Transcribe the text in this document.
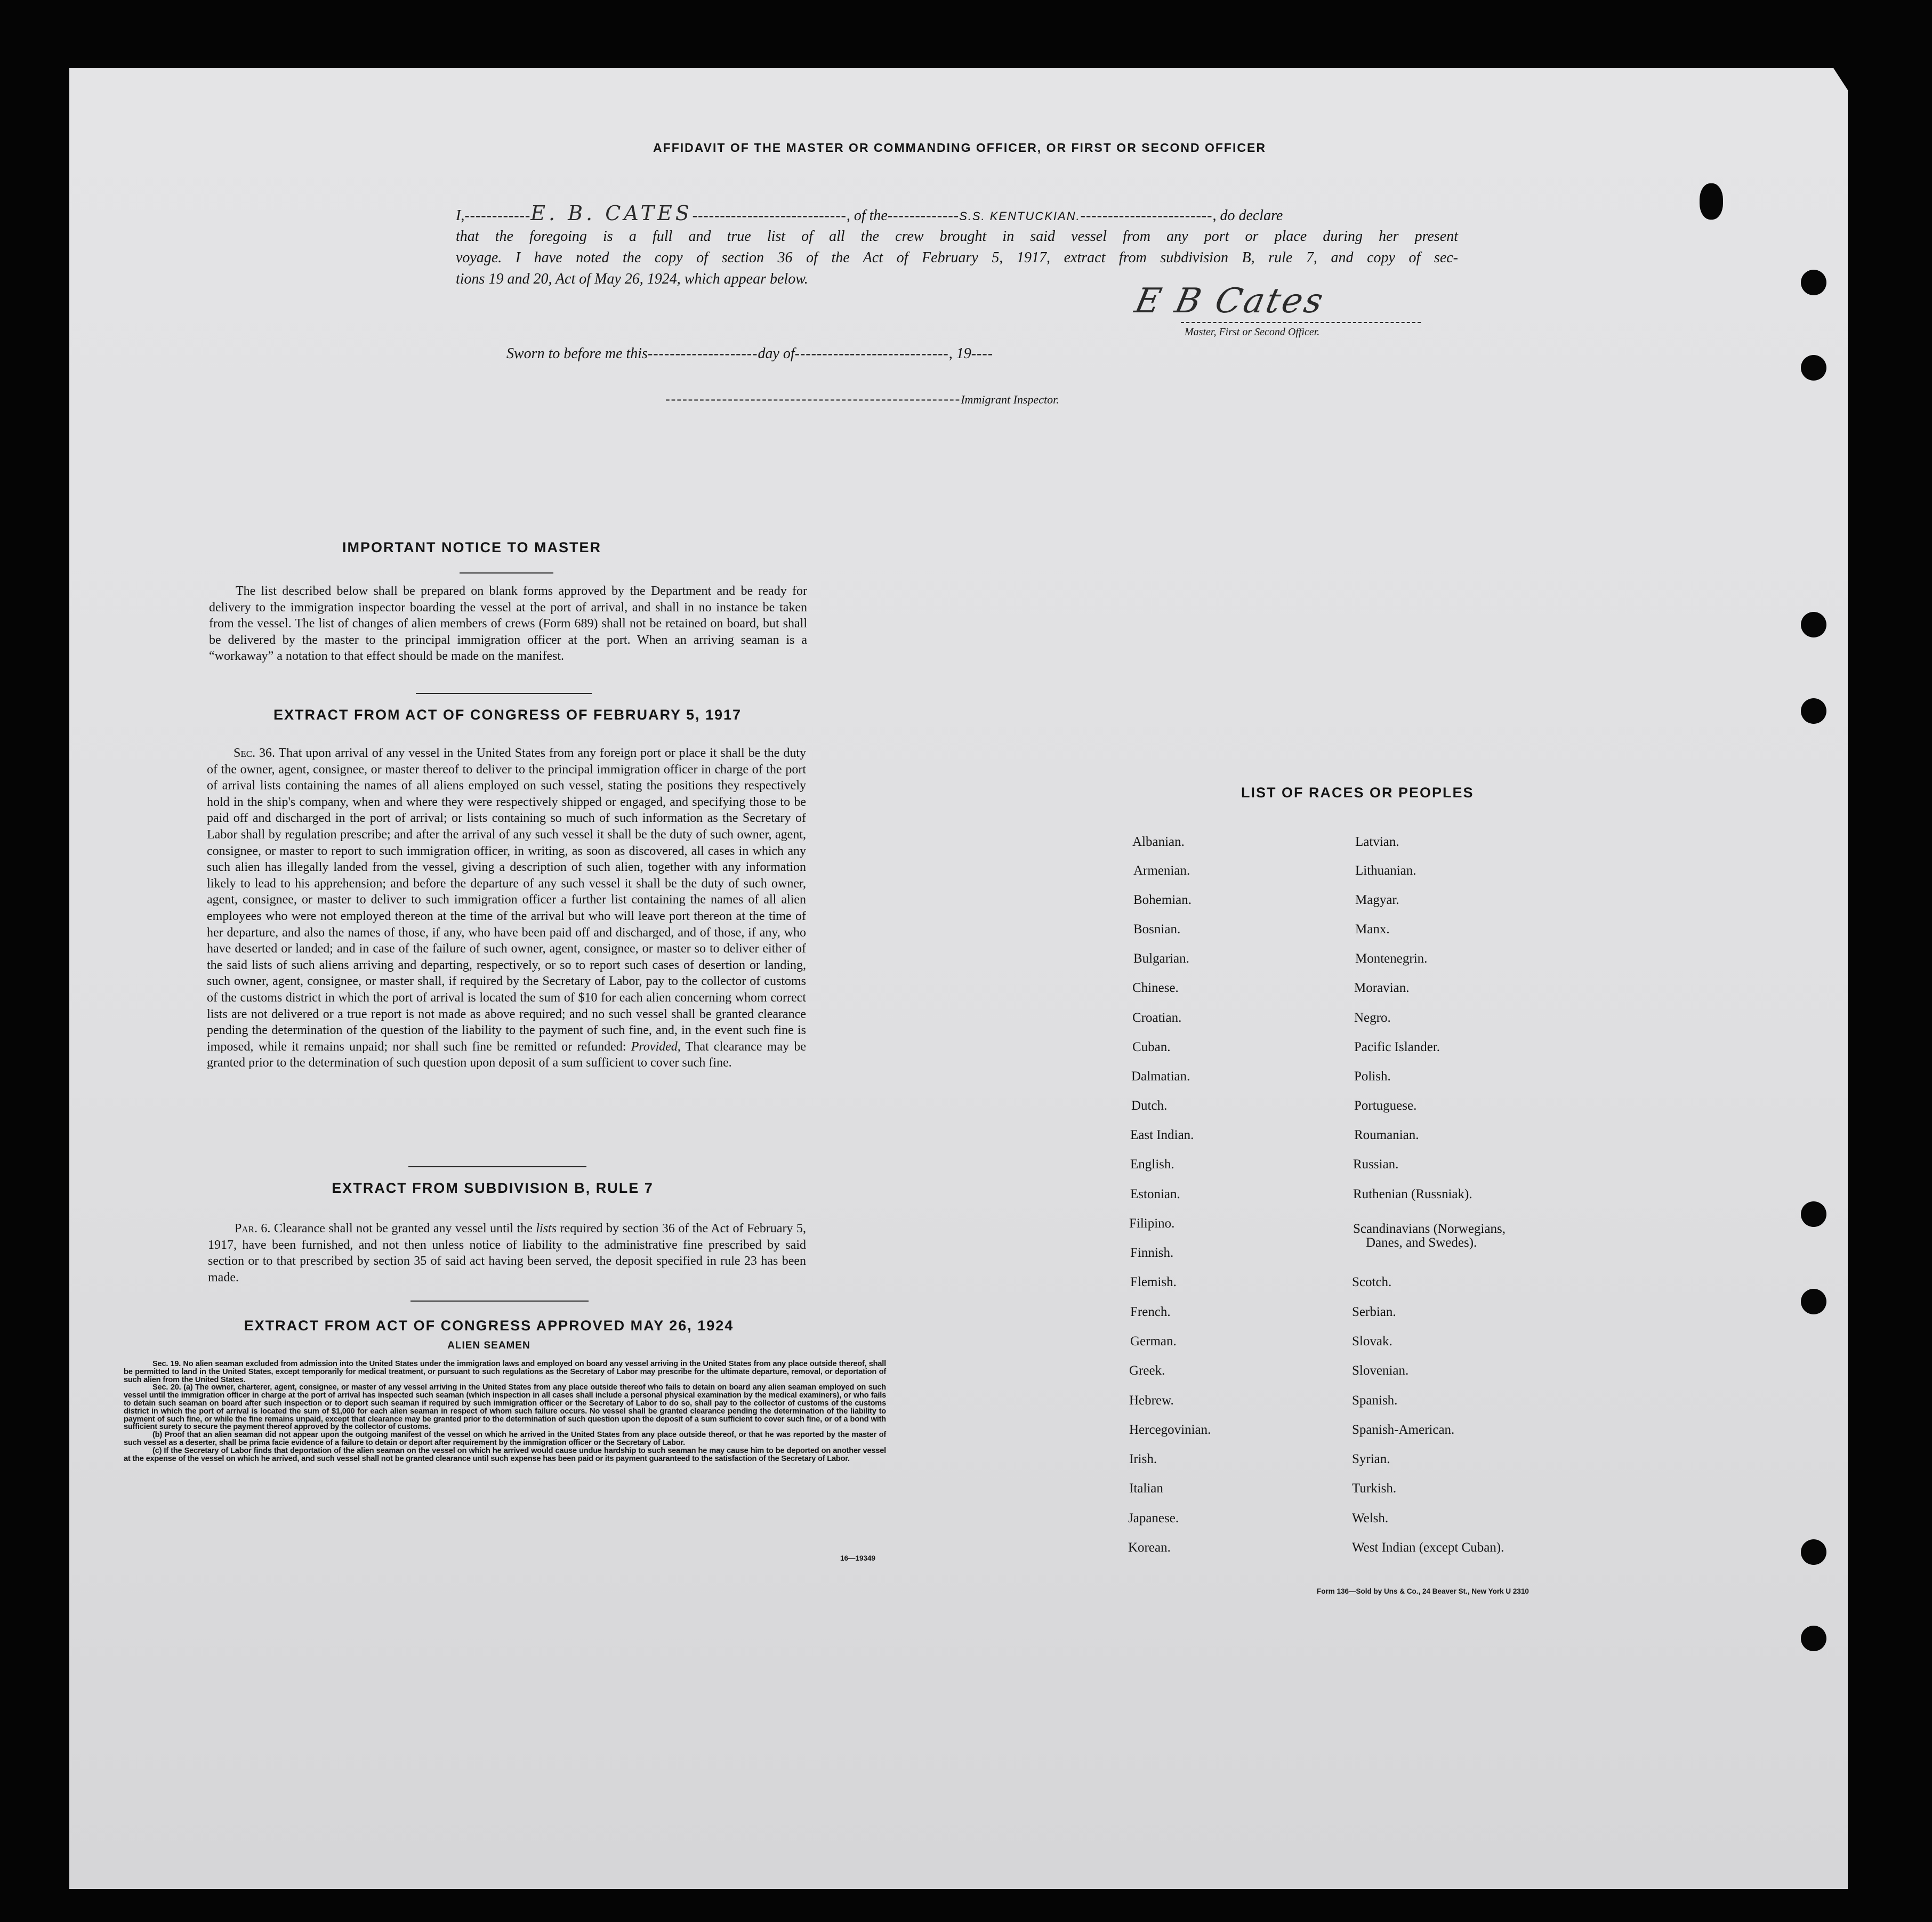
AFFIDAVIT OF THE MASTER OR COMMANDING OFFICER, OR FIRST OR SECOND OFFICER
I,------------E. B. CATES----------------------------, of the-------------S.S. KENTUCKIAN.------------------------, do declare
that the foregoing is a full and true list of all the crew brought in said vessel from any port or place during her present
voyage. I have noted the copy of section 36 of the Act of February 5, 1917, extract from subdivision B, rule 7, and copy of sec-
tions 19 and 20, Act of May 26, 1924, which appear below.
E B Cates
Master, First or Second Officer.
Sworn to before me this--------------------day of----------------------------, 19----
----------------------------------------------------Immigrant Inspector.
IMPORTANT NOTICE TO MASTER
The list described below shall be prepared on blank forms approved by the Department and be ready for delivery to the immigration inspector boarding the vessel at the port of arrival, and shall in no instance be taken from the vessel. The list of changes of alien members of crews (Form 689) shall not be retained on board, but shall be delivered by the master to the principal immigration officer at the port. When an arriving seaman is a “workaway” a notation to that effect should be made on the manifest.
EXTRACT FROM ACT OF CONGRESS OF FEBRUARY 5, 1917
Sec. 36. That upon arrival of any vessel in the United States from any foreign port or place it shall be the duty of the owner, agent, consignee, or master thereof to deliver to the principal immigration officer in charge of the port of arrival lists containing the names of all aliens employed on such vessel, stating the positions they respectively hold in the ship's company, when and where they were respectively shipped or engaged, and specifying those to be paid off and discharged in the port of arrival; or lists containing so much of such information as the Secretary of Labor shall by regulation prescribe; and after the arrival of any such vessel it shall be the duty of such owner, agent, consignee, or master to report to such immigration officer, in writing, as soon as discovered, all cases in which any such alien has illegally landed from the vessel, giving a description of such alien, together with any information likely to lead to his apprehension; and before the departure of any such vessel it shall be the duty of such owner, agent, consignee, or master to deliver to such immigration officer a further list containing the names of all alien employees who were not employed thereon at the time of the arrival but who will leave port thereon at the time of her departure, and also the names of those, if any, who have been paid off and discharged, and of those, if any, who have deserted or landed; and in case of the failure of such owner, agent, consignee, or master so to deliver either of the said lists of such aliens arriving and departing, respectively, or so to report such cases of desertion or landing, such owner, agent, consignee, or master shall, if required by the Secretary of Labor, pay to the collector of customs of the customs district in which the port of arrival is located the sum of $10 for each alien concerning whom correct lists are not delivered or a true report is not made as above required; and no such vessel shall be granted clearance pending the determination of the question of the liability to the payment of such fine, and, in the event such fine is imposed, while it remains unpaid; nor shall such fine be remitted or refunded: Provided, That clearance may be granted prior to the determination of such question upon deposit of a sum sufficient to cover such fine.
EXTRACT FROM SUBDIVISION B, RULE 7
Par. 6. Clearance shall not be granted any vessel until the lists required by section 36 of the Act of February 5, 1917, have been furnished, and not then unless notice of liability to the administrative fine prescribed by said section or to that prescribed by section 35 of said act having been served, the deposit specified in rule 23 has been made.
EXTRACT FROM ACT OF CONGRESS APPROVED MAY 26, 1924
ALIEN SEAMEN
Sec. 19. No alien seaman excluded from admission into the United States under the immigration laws and employed on board any vessel arriving in the United States from any place outside thereof, shall be permitted to land in the United States, except temporarily for medical treatment, or pursuant to such regulations as the Secretary of Labor may prescribe for the ultimate departure, removal, or deportation of such alien from the United States.
Sec. 20. (a) The owner, charterer, agent, consignee, or master of any vessel arriving in the United States from any place outside thereof who fails to detain on board any alien seaman employed on such vessel until the immigration officer in charge at the port of arrival has inspected such seaman (which inspection in all cases shall include a personal physical examination by the medical examiners), or who fails to detain such seaman on board after such inspection or to deport such seaman if required by such immigration officer or the Secretary of Labor to do so, shall pay to the collector of customs of the customs district in which the port of arrival is located the sum of $1,000 for each alien seaman in respect of whom such failure occurs. No vessel shall be granted clearance pending the determination of the liability to payment of such fine, or while the fine remains unpaid, except that clearance may be granted prior to the determination of such question upon the deposit of a sum sufficient to cover such fine, or of a bond with sufficient surety to secure the payment thereof approved by the collector of customs.
(b) Proof that an alien seaman did not appear upon the outgoing manifest of the vessel on which he arrived in the United States from any place outside thereof, or that he was reported by the master of such vessel as a deserter, shall be prima facie evidence of a failure to detain or deport after requirement by the immigration officer or the Secretary of Labor.
(c) If the Secretary of Labor finds that deportation of the alien seaman on the vessel on which he arrived would cause undue hardship to such seaman he may cause him to be deported on another vessel at the expense of the vessel on which he arrived, and such vessel shall not be granted clearance until such expense has been paid or its payment guaranteed to the satisfaction of the Secretary of Labor.
16—19349
LIST OF RACES OR PEOPLES
Albanian.
Armenian.
Bohemian.
Bosnian.
Bulgarian.
Chinese.
Croatian.
Cuban.
Dalmatian.
Dutch.
East Indian.
English.
Estonian.
Filipino.
Finnish.
Flemish.
French.
German.
Greek.
Hebrew.
Hercegovinian.
Irish.
Italian
Japanese.
Korean.
Latvian.
Lithuanian.
Magyar.
Manx.
Montenegrin.
Moravian.
Negro.
Pacific Islander.
Polish.
Portuguese.
Roumanian.
Russian.
Ruthenian (Russniak).
Scandinavians (Norwegians,
Danes, and Swedes).
Scotch.
Serbian.
Slovak.
Slovenian.
Spanish.
Spanish-American.
Syrian.
Turkish.
Welsh.
West Indian (except Cuban).
Form 136—Sold by Uns & Co., 24 Beaver St., New York U 2310
